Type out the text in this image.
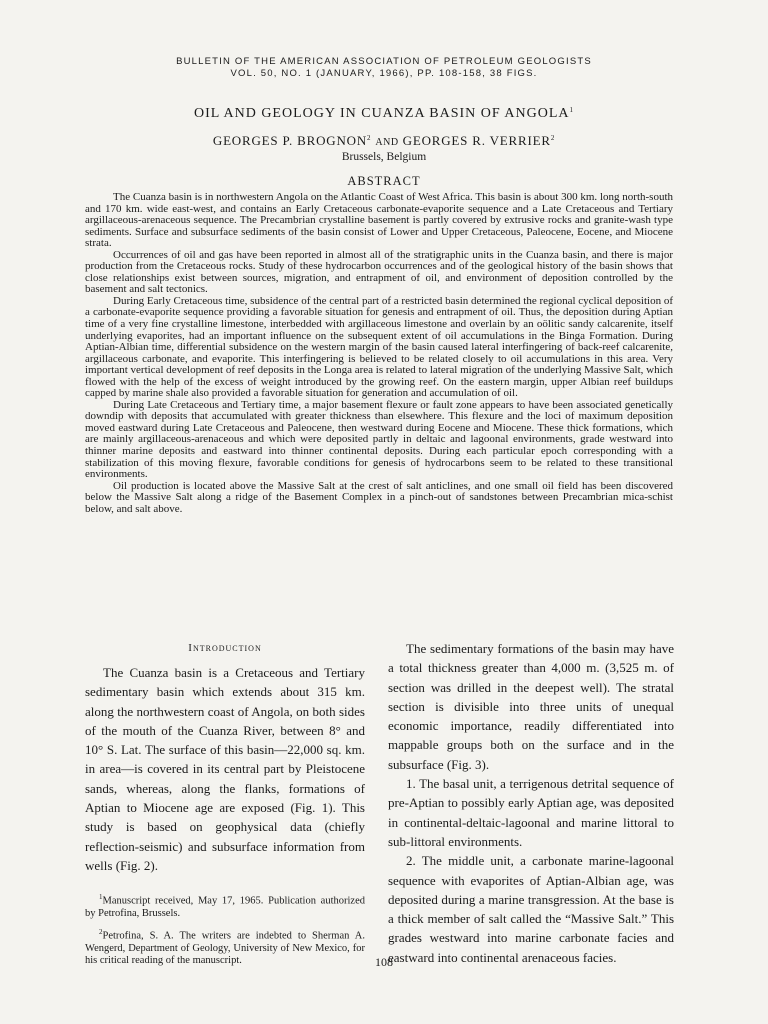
BULLETIN OF THE AMERICAN ASSOCIATION OF PETROLEUM GEOLOGISTS
VOL. 50, NO. 1 (JANUARY, 1966), PP. 108-158, 38 FIGS.
OIL AND GEOLOGY IN CUANZA BASIN OF ANGOLA$^1$
GEORGES P. BROGNON$^2$ AND GEORGES R. VERRIER$^2$
Brussels, Belgium
ABSTRACT

The Cuanza basin is in northwestern Angola on the Atlantic Coast of West Africa. This basin is about 300 km. long north-south and 170 km. wide east-west, and contains an Early Cretaceous carbonate-evaporite sequence and a Late Cretaceous and Tertiary argillaceous-arenaceous sequence. The Precambrian crystalline basement is partly covered by extrusive rocks and granite-wash type sediments. Surface and subsurface sediments of the basin consist of Lower and Upper Cretaceous, Paleocene, Eocene, and Miocene strata.

Occurrences of oil and gas have been reported in almost all of the stratigraphic units in the Cuanza basin, and there is major production from the Cretaceous rocks. Study of these hydrocarbon occurrences and of the geological history of the basin shows that close relationships exist between sources, migration, and entrapment of oil, and environment of deposition controlled by the basement and salt tectonics.

During Early Cretaceous time, subsidence of the central part of a restricted basin determined the regional cyclical deposition of a carbonate-evaporite sequence providing a favorable situation for genesis and entrapment of oil. Thus, the deposition during Aptian time of a very fine crystalline limestone, interbedded with argillaceous limestone and overlain by an oölitic sandy calcarenite, itself underlying evaporites, had an important influence on the subsequent extent of oil accumulations in the Binga Formation. During Aptian-Albian time, differential subsidence on the western margin of the basin caused lateral interfingering of back-reef calcarenite, argillaceous carbonate, and evaporite. This interfingering is believed to be related closely to oil accumulations in this area. Very important vertical development of reef deposits in the Longa area is related to lateral migration of the underlying Massive Salt, which flowed with the help of the excess of weight introduced by the growing reef. On the eastern margin, upper Albian reef buildups capped by marine shale also provided a favorable situation for generation and accumulation of oil.

During Late Cretaceous and Tertiary time, a major basement flexure or fault zone appears to have been associated genetically downdip with deposits that accumulated with greater thickness than elsewhere. This flexure and the loci of maximum deposition moved eastward during Late Cretaceous and Paleocene, then westward during Eocene and Miocene. These thick formations, which are mainly argillaceous-arenaceous and which were deposited partly in deltaic and lagoonal environments, grade westward into thinner marine deposits and eastward into thinner continental deposits. During each particular epoch corresponding with a stabilization of this moving flexure, favorable conditions for genesis of hydrocarbons seem to be related to these transitional environments.

Oil production is located above the Massive Salt at the crest of salt anticlines, and one small oil field has been discovered below the Massive Salt along a ridge of the Basement Complex in a pinch-out of sandstones between Precambrian mica-schist below, and salt above.

Introduction

The Cuanza basin is a Cretaceous and Tertiary sedimentary basin which extends about 315 km. along the northwestern coast of Angola, on both sides of the mouth of the Cuanza River, between 8° and 10° S. Lat. The surface of this basin—22,000 sq. km. in area—is covered in its central part by Pleistocene sands, whereas, along the flanks, formations of Aptian to Miocene age are exposed (Fig. 1). This study is based on geophysical data (chiefly reflection-seismic) and subsurface information from wells (Fig. 2).

$^1$Manuscript received, May 17, 1965. Publication authorized by Petrofina, Brussels.

$^2$Petrofina, S. A. The writers are indebted to Sherman A. Wengerd, Department of Geology, University of New Mexico, for his critical reading of the manuscript.

The sedimentary formations of the basin may have a total thickness greater than 4,000 m. (3,525 m. of section was drilled in the deepest well). The stratal section is divisible into three units of unequal economic importance, readily differentiated into mappable groups both on the surface and in the subsurface (Fig. 3).

1. The basal unit, a terrigenous detrital sequence of pre-Aptian to possibly early Aptian age, was deposited in continental-deltaic-lagoonal and marine littoral to sub-littoral environments.

2. The middle unit, a carbonate marine-lagoonal sequence with evaporites of Aptian-Albian age, was deposited during a marine transgression. At the base is a thick member of salt called the “Massive Salt.” This grades westward into marine carbonate facies and eastward into continental arenaceous facies.

108
